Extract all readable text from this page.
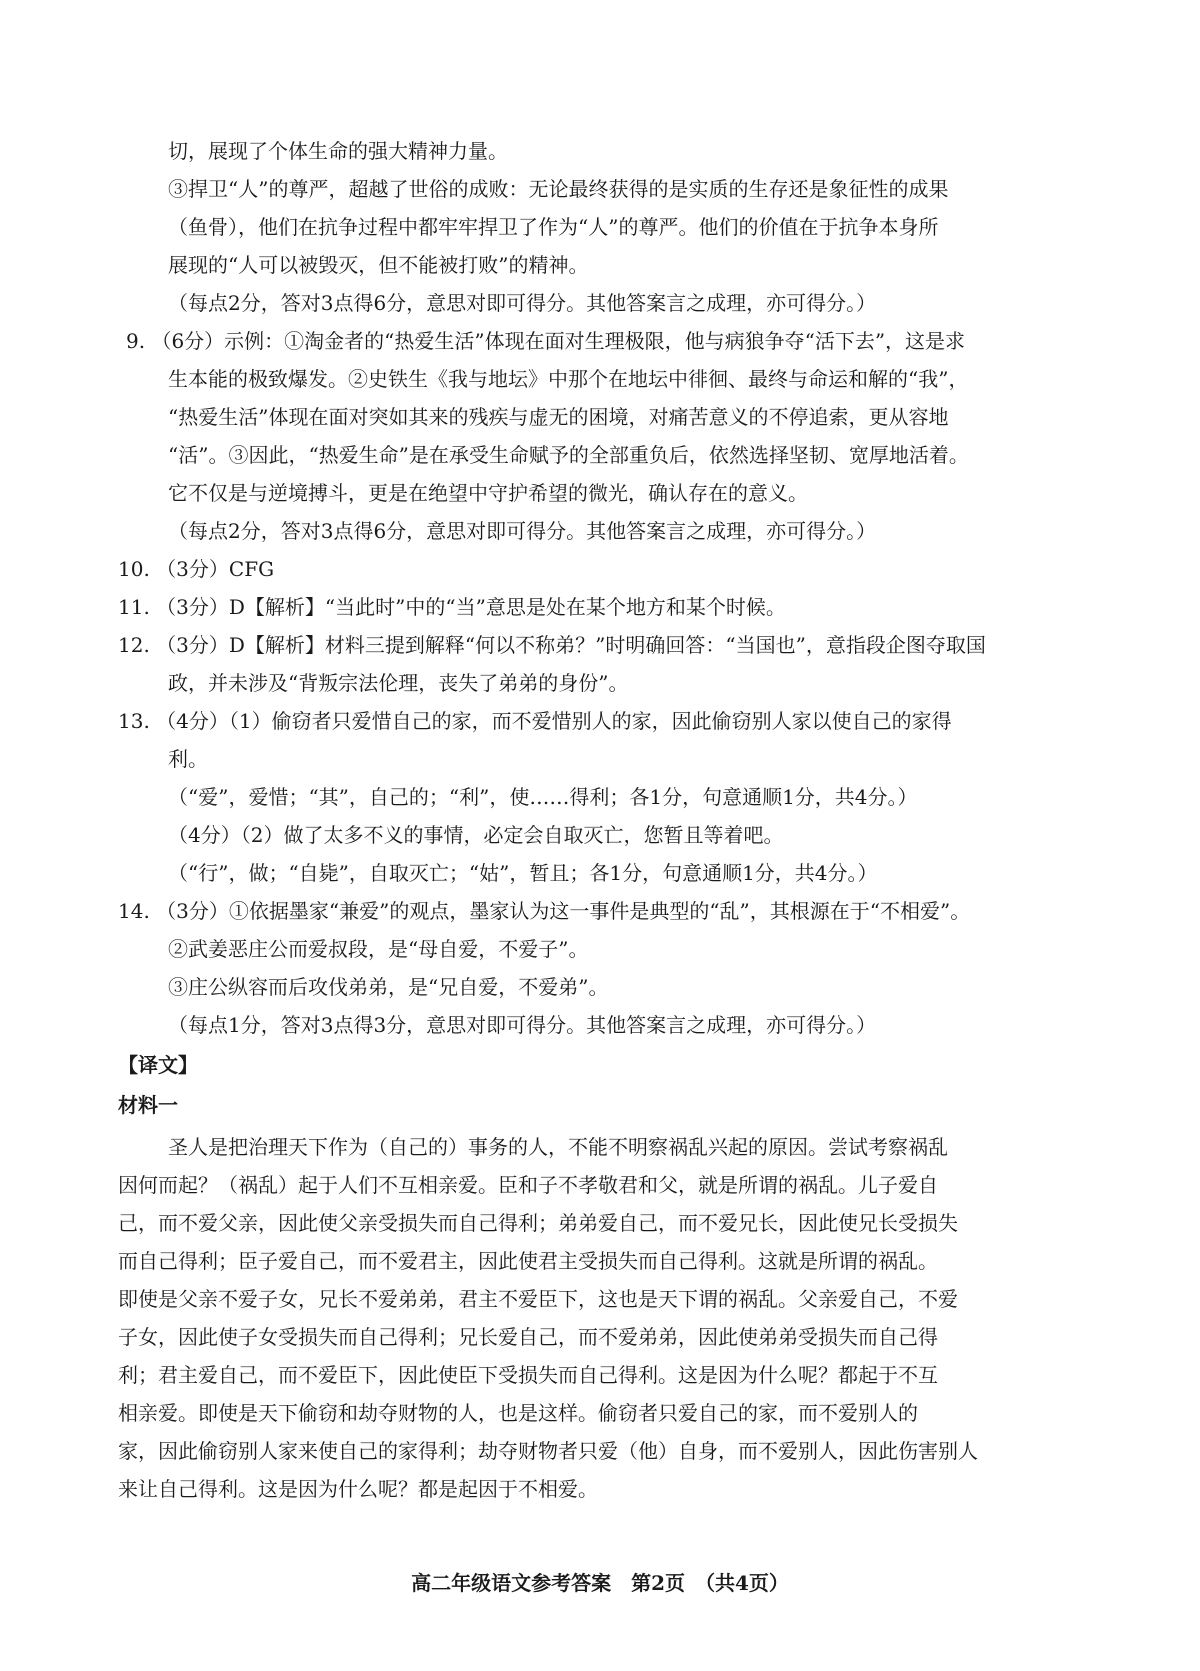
切，展现了个体生命的强大精神力量。
③捍卫“人”的尊严，超越了世俗的成败：无论最终获得的是实质的生存还是象征性的成果
（鱼骨），他们在抗争过程中都牢牢捍卫了作为“人”的尊严。他们的价值在于抗争本身所
展现的“人可以被毁灭，但不能被打败”的精神。
（每点2分，答对3点得6分，意思对即可得分。其他答案言之成理，亦可得分。）
9. （6分）示例：①淘金者的“热爱生活”体现在面对生理极限，他与病狼争夺“活下去”，这是求
生本能的极致爆发。②史铁生《我与地坛》中那个在地坛中徘徊、最终与命运和解的“我”，
“热爱生活”体现在面对突如其来的残疾与虚无的困境，对痛苦意义的不停追索，更从容地
“活”。③因此，“热爱生命”是在承受生命赋予的全部重负后，依然选择坚韧、宽厚地活着。
它不仅是与逆境搏斗，更是在绝望中守护希望的微光，确认存在的意义。
（每点2分，答对3点得6分，意思对即可得分。其他答案言之成理，亦可得分。）
10. （3分）CFG
11. （3分）D【解析】“当此时”中的“当”意思是处在某个地方和某个时候。
12. （3分）D【解析】材料三提到解释“何以不称弟？”时明确回答：“当国也”，意指段企图夺取国
政，并未涉及“背叛宗法伦理，丧失了弟弟的身份”。
13. （4分）（1）偷窃者只爱惜自己的家，而不爱惜别人的家，因此偷窃别人家以使自己的家得
利。
（“爱”，爱惜；“其”，自己的；“利”，使……得利；各1分，句意通顺1分，共4分。）
（4分）（2）做了太多不义的事情，必定会自取灭亡，您暂且等着吧。
（“行”，做；“自毙”，自取灭亡；“姑”，暂且；各1分，句意通顺1分，共4分。）
14. （3分）①依据墨家“兼爱”的观点，墨家认为这一事件是典型的“乱”，其根源在于“不相爱”。
②武姜恶庄公而爱叔段，是“母自爱，不爱子”。
③庄公纵容而后攻伐弟弟，是“兄自爱，不爱弟”。
（每点1分，答对3点得3分，意思对即可得分。其他答案言之成理，亦可得分。）
【译文】
材料一
圣人是把治理天下作为（自己的）事务的人，不能不明察祸乱兴起的原因。尝试考察祸乱
因何而起？（祸乱）起于人们不互相亲爱。臣和子不孝敬君和父，就是所谓的祸乱。儿子爱自
己，而不爱父亲，因此使父亲受损失而自己得利；弟弟爱自己，而不爱兄长，因此使兄长受损失
而自己得利；臣子爱自己，而不爱君主，因此使君主受损失而自己得利。这就是所谓的祸乱。
即使是父亲不爱子女，兄长不爱弟弟，君主不爱臣下，这也是天下谓的祸乱。父亲爱自己，不爱
子女，因此使子女受损失而自己得利；兄长爱自己，而不爱弟弟，因此使弟弟受损失而自己得
利；君主爱自己，而不爱臣下，因此使臣下受损失而自己得利。这是因为什么呢？都起于不互
相亲爱。即使是天下偷窃和劫夺财物的人，也是这样。偷窃者只爱自己的家，而不爱别人的
家，因此偷窃别人家来使自己的家得利；劫夺财物者只爱（他）自身，而不爱别人，因此伤害别人
来让自己得利。这是因为什么呢？都是起因于不相爱。
高二年级语文参考答案　第2页　（共4页）
